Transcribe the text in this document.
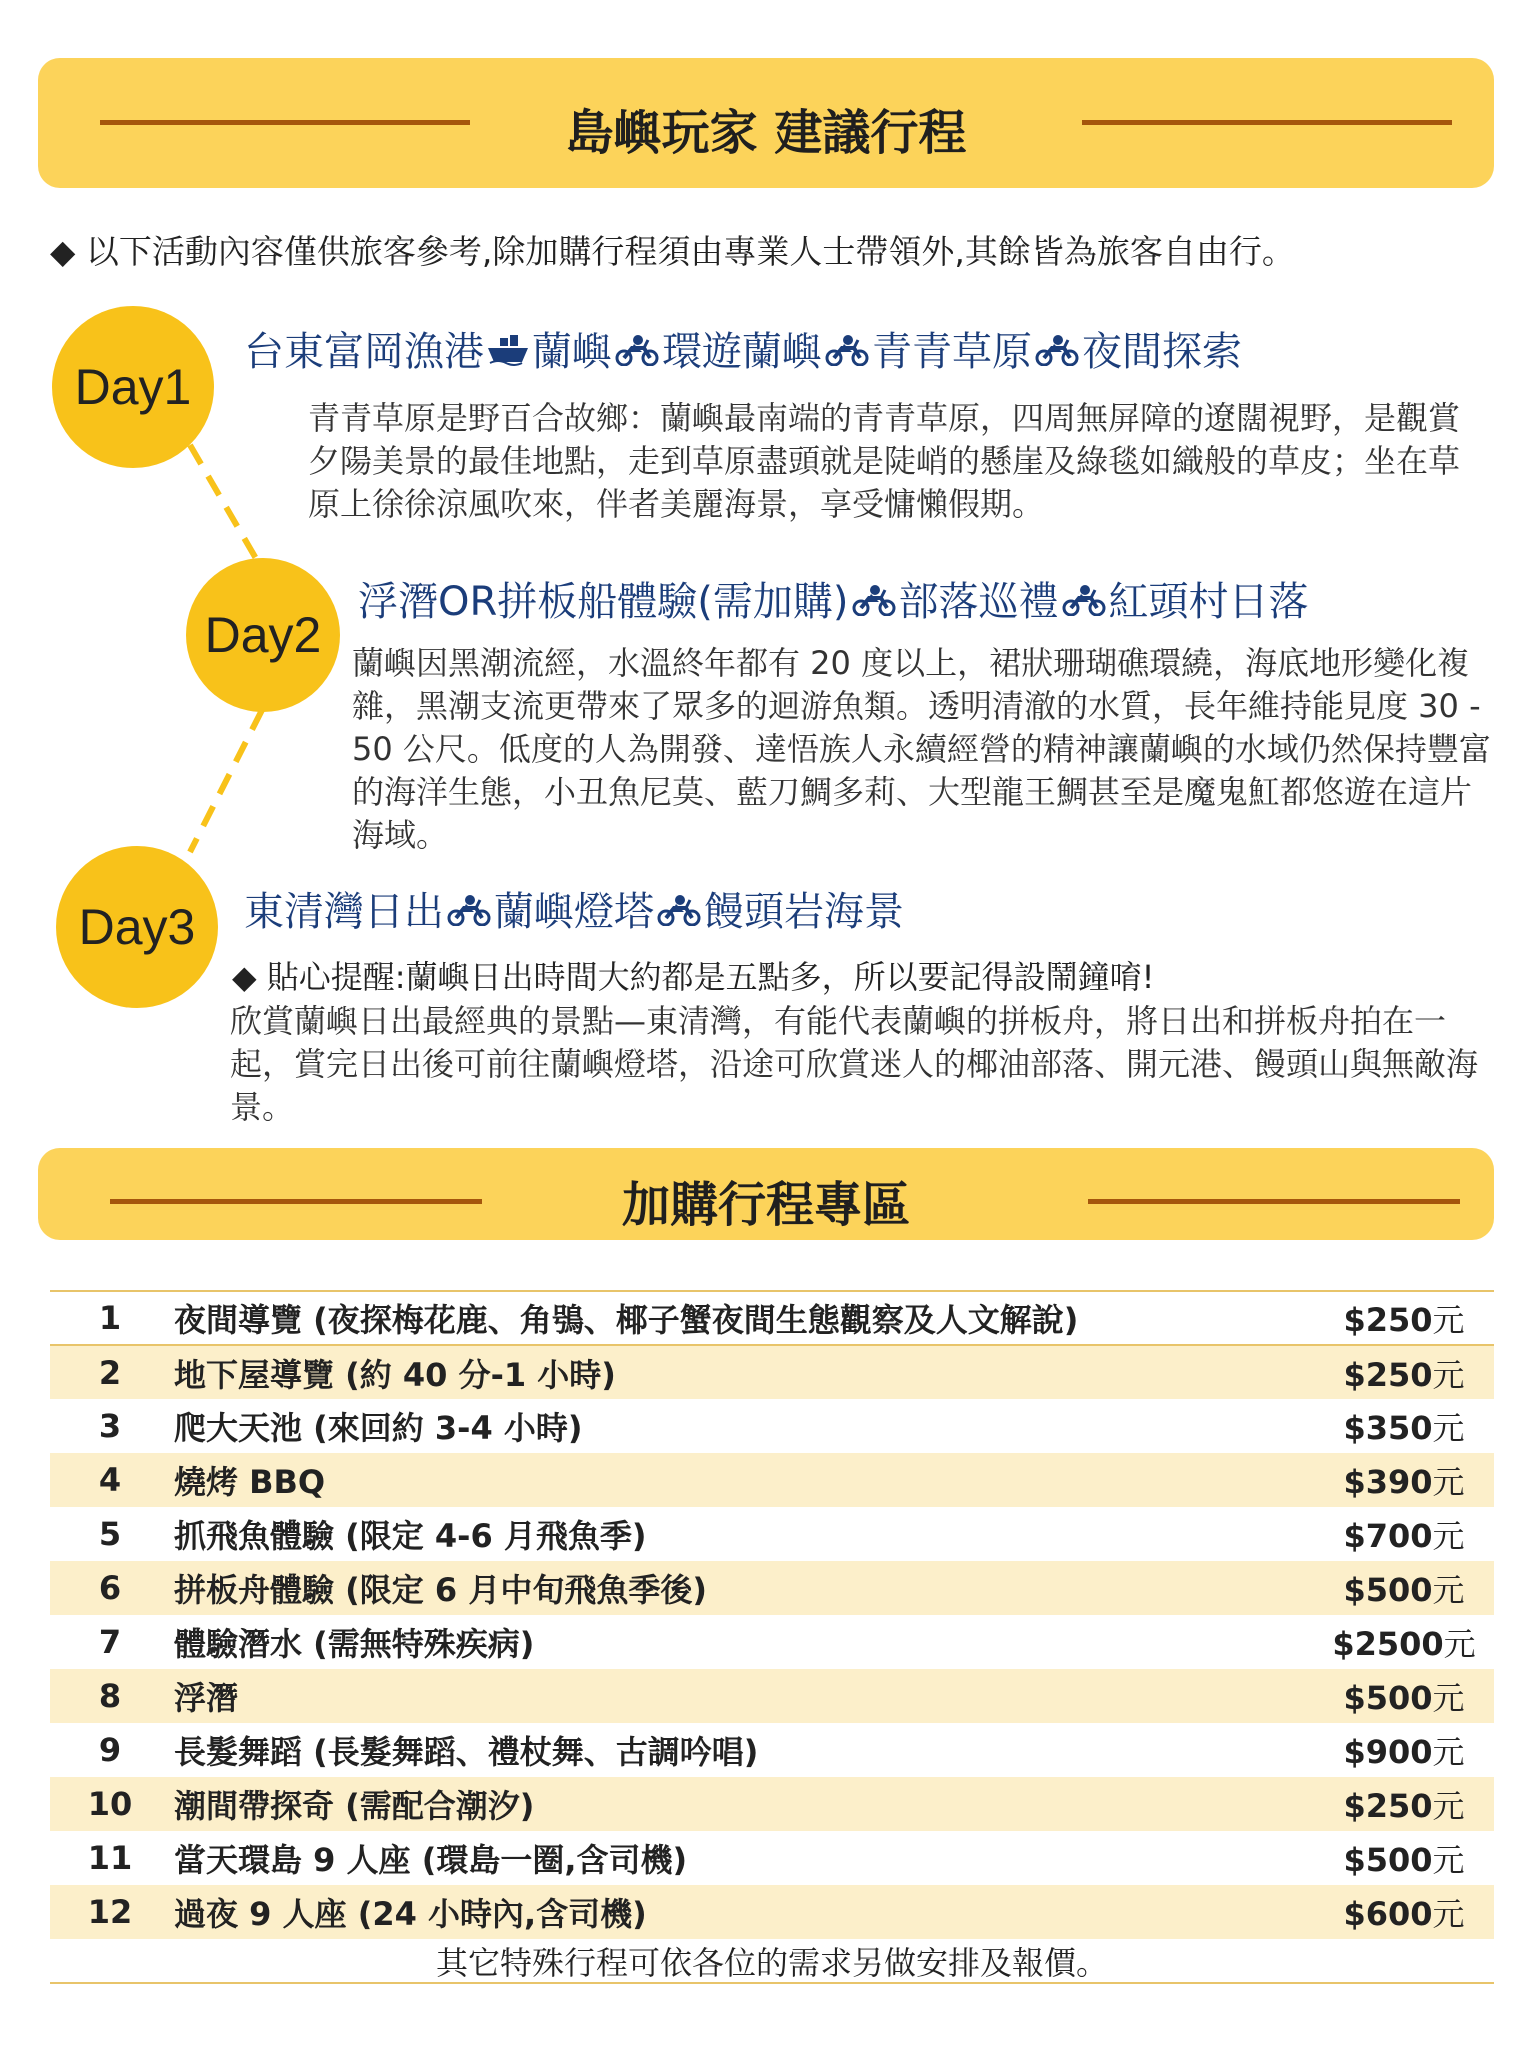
島嶼玩家 建議行程
◆ 以下活動內容僅供旅客參考,除加購行程須由專業人士帶領外,其餘皆為旅客自由行。
Day1
Day2
Day3
台東富岡漁港 蘭嶼 環遊蘭嶼 青青草原 夜間探索
青青草原是野百合故鄉：蘭嶼最南端的青青草原，四周無屏障的遼闊視野，是觀賞夕陽美景的最佳地點，走到草原盡頭就是陡峭的懸崖及綠毯如織般的草皮；坐在草原上徐徐涼風吹來，伴者美麗海景，享受慵懶假期。
浮潛OR拼板船體驗(需加購) 部落巡禮 紅頭村日落
蘭嶼因黑潮流經，水溫終年都有 20 度以上，裙狀珊瑚礁環繞，海底地形變化複雜，黑潮支流更帶來了眾多的迴游魚類。透明清澈的水質，長年維持能見度 30 - 50 公尺。低度的人為開發、達悟族人永續經營的精神讓蘭嶼的水域仍然保持豐富的海洋生態，小丑魚尼莫、藍刀鯛多莉、大型龍王鯛甚至是魔鬼魟都悠遊在這片海域。
東清灣日出 蘭嶼燈塔 饅頭岩海景
◆ 貼心提醒:蘭嶼日出時間大約都是五點多，所以要記得設鬧鐘唷!
欣賞蘭嶼日出最經典的景點—東清灣，有能代表蘭嶼的拼板舟，將日出和拼板舟拍在一起，賞完日出後可前往蘭嶼燈塔，沿途可欣賞迷人的椰油部落、開元港、饅頭山與無敵海景。
加購行程專區
1	夜間導覽 (夜探梅花鹿、角鴞、椰子蟹夜間生態觀察及人文解說)	$250元
2	地下屋導覽 (約 40 分-1 小時)	$250元
3	爬大天池 (來回約 3-4 小時)	$350元
4	燒烤 BBQ	$390元
5	抓飛魚體驗 (限定 4-6 月飛魚季)	$700元
6	拼板舟體驗 (限定 6 月中旬飛魚季後)	$500元
7	體驗潛水 (需無特殊疾病)	$2500元
8	浮潛	$500元
9	長髮舞蹈 (長髮舞蹈、禮杖舞、古調吟唱)	$900元
10	潮間帶探奇 (需配合潮汐)	$250元
11	當天環島 9 人座 (環島一圈,含司機)	$500元
12	過夜 9 人座 (24 小時內,含司機)	$600元
其它特殊行程可依各位的需求另做安排及報價。
